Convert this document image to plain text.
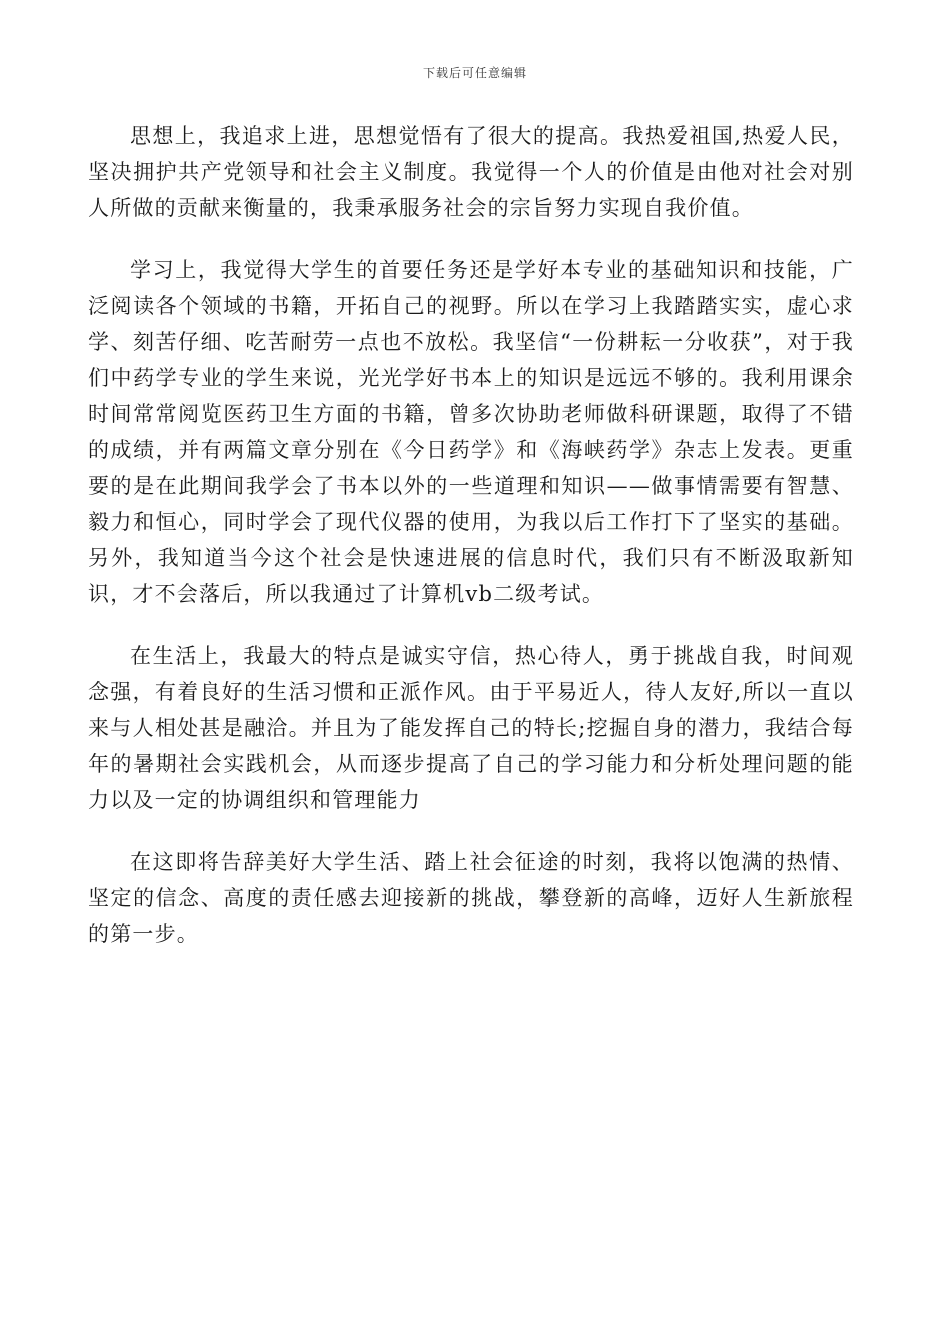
下载后可任意编辑

思想上，我追求上进，思想觉悟有了很大的提高。我热爱祖国,热爱人民，坚决拥护共产党领导和社会主义制度。我觉得一个人的价值是由他对社会对别人所做的贡献来衡量的，我秉承服务社会的宗旨努力实现自我价值。

学习上，我觉得大学生的首要任务还是学好本专业的基础知识和技能，广泛阅读各个领域的书籍，开拓自己的视野。所以在学习上我踏踏实实，虚心求学、刻苦仔细、吃苦耐劳一点也不放松。我坚信“一份耕耘一分收获”，对于我们中药学专业的学生来说，光光学好书本上的知识是远远不够的。我利用课余时间常常阅览医药卫生方面的书籍，曾多次协助老师做科研课题，取得了不错的成绩，并有两篇文章分别在《今日药学》和《海峡药学》杂志上发表。更重要的是在此期间我学会了书本以外的一些道理和知识——做事情需要有智慧、毅力和恒心，同时学会了现代仪器的使用，为我以后工作打下了坚实的基础。另外，我知道当今这个社会是快速进展的信息时代，我们只有不断汲取新知识，才不会落后，所以我通过了计算机vb二级考试。

在生活上，我最大的特点是诚实守信，热心待人，勇于挑战自我，时间观念强，有着良好的生活习惯和正派作风。由于平易近人，待人友好,所以一直以来与人相处甚是融洽。并且为了能发挥自己的特长;挖掘自身的潜力，我结合每年的暑期社会实践机会，从而逐步提高了自己的学习能力和分析处理问题的能力以及一定的协调组织和管理能力

在这即将告辞美好大学生活、踏上社会征途的时刻，我将以饱满的热情、坚定的信念、高度的责任感去迎接新的挑战，攀登新的高峰，迈好人生新旅程的第一步。
